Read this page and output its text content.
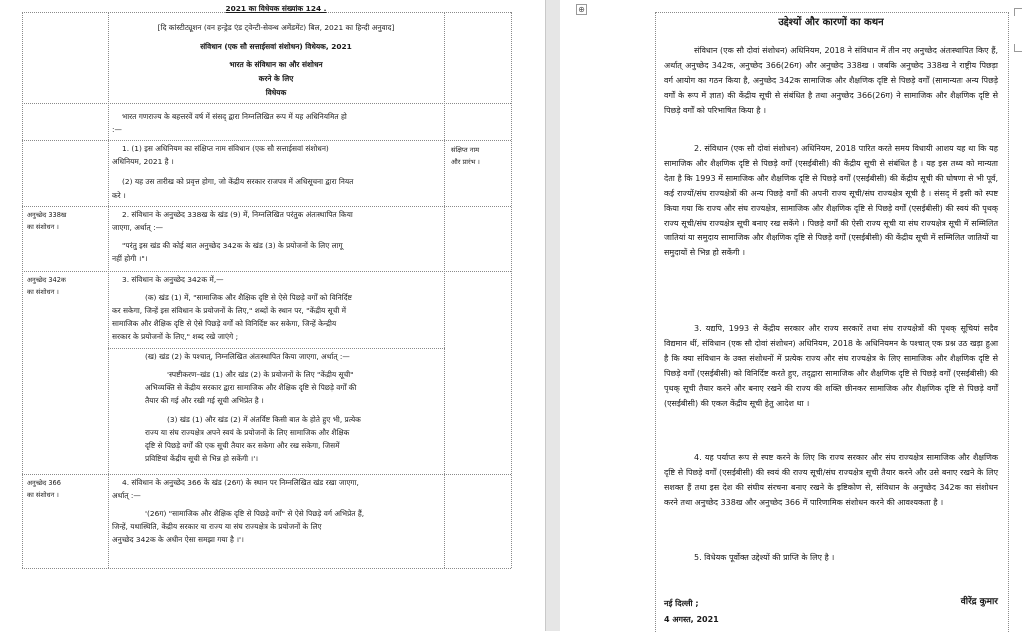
2021 का विधेयक संख्यांक 124 .
[दि कांस्टीट्यूशन (वन हन्ड्रेड एंड ट्वेन्टी-सेवन्थ अमेंडमेंट) बिल, 2021 का हिन्दी अनुवाद]
संविधान (एक सौ सत्ताईसवां संशोधन) विधेयक, 2021
भारत के संविधान का और संशोधन
करने के लिए
विधेयक
भारत गणराज्य के बहत्तरवें वर्ष में संसद् द्वारा निम्नलिखित रूप में यह अधिनियमित हो
:—
1. (1) इस अधिनियम का संक्षिप्त नाम संविधान (एक सौ सत्ताईसवां संशोधन)
अधिनियम, 2021 है ।
(2) यह उस तारीख को प्रवृत्त होगा, जो केंद्रीय सरकार राजपत्र में अधिसूचना द्वारा नियत
करे ।
संक्षिप्त नाम
और प्रारंभ ।
अनुच्छेद 338ख
का संशोधन ।
2. संविधान के अनुच्छेद 338ख के खंड (9) में, निम्नलिखित परंतुक अंतःस्थापित किया
जाएगा, अर्थात् :—
"परंतु इस खंड की कोई बात अनुच्छेद 342क के खंड (3) के प्रयोजनों के लिए लागू
नहीं होगी ।"।
अनुच्छेद 342क
का संशोधन ।
3. संविधान के अनुच्छेद 342क में,—
(क) खंड (1) में, "सामाजिक और शैक्षिक दृष्टि से ऐसे पिछड़े वर्गों को विनिर्दिष्ट
कर सकेगा, जिन्हें इस संविधान के प्रयोजनों के लिए," शब्दों के स्थान पर, "केंद्रीय सूची में
सामाजिक और शैक्षिक दृष्टि से ऐसे पिछड़े वर्गों को विनिर्दिष्ट कर सकेगा, जिन्हें केन्द्रीय
सरकार के प्रयोजनों के लिए," शब्द रखे जाएंगे ;
(ख) खंड (2) के पश्चात्, निम्नलिखित अंतःस्थापित किया जाएगा, अर्थात् :—
'स्पष्टीकरण–खंड (1) और खंड (2) के प्रयोजनों के लिए "केंद्रीय सूची"
अभिव्यक्ति से केंद्रीय सरकार द्वारा सामाजिक और शैक्षिक दृष्टि से पिछड़े वर्गों की
तैयार की गई और रखी गई सूची अभिप्रेत है ।
(3) खंड (1) और खंड (2) में अंतर्विष्ट किसी बात के होते हुए भी, प्रत्येक
राज्य या संघ राज्यक्षेत्र अपने स्वयं के प्रयोजनों के लिए सामाजिक और शैक्षिक
दृष्टि से पिछड़े वर्गों की एक सूची तैयार कर सकेगा और रख सकेगा, जिसमें
प्रविष्टियां केंद्रीय सूची से भिन्न हो सकेंगी ।'।
अनुच्छेद 366
का संशोधन ।
4. संविधान के अनुच्छेद 366 के खंड (26ग) के स्थान पर निम्नलिखित खंड रखा जाएगा,
अर्थात् :—
'(26ग) "सामाजिक और शैक्षिक दृष्टि से पिछड़े वर्गों" से ऐसे पिछड़े वर्ग अभिप्रेत हैं,
जिन्हें, यथास्थिति, केंद्रीय सरकार या राज्य या संघ राज्यक्षेत्र के प्रयोजनों के लिए
अनुच्छेद 342क के अधीन ऐसा समझा गया है ।'।
⊕
उद्देश्यों और कारणों का कथन
संविधान (एक सौ दोवां संशोधन) अधिनियम, 2018 ने संविधान में तीन नए अनुच्छेद अंतःस्थापित किए हैं, अर्थात् अनुच्छेद 342क, अनुच्छेद 366(26ग) और अनुच्छेद 338ख । जबकि अनुच्छेद 338ख ने राष्ट्रीय पिछड़ा वर्ग आयोग का गठन किया है, अनुच्छेद 342क सामाजिक और शैक्षणिक दृष्टि से पिछड़े वर्गों (सामान्यतः अन्य पिछड़े वर्गों के रूप में ज्ञात) की केंद्रीय सूची से संबंधित है तथा अनुच्छेद 366(26ग) ने सामाजिक और शैक्षणिक दृष्टि से पिछड़े वर्गों को परिभाषित किया है ।
2. संविधान (एक सौ दोवां संशोधन) अधिनियम, 2018 पारित करते समय विधायी आशय यह था कि यह सामाजिक और शैक्षणिक दृष्टि से पिछड़े वर्गों (एसईबीसी) की केंद्रीय सूची से संबंधित है । यह इस तथ्य को मान्यता देता है कि 1993 में सामाजिक और शैक्षणिक दृष्टि से पिछड़े वर्गों (एसईबीसी) की केंद्रीय सूची की घोषणा से भी पूर्व, कई राज्यों/संघ राज्यक्षेत्रों की अन्य पिछड़े वर्गों की अपनी राज्य सूची/संघ राज्यक्षेत्र सूची है । संसद् में इसी को स्पष्ट किया गया कि राज्य और संघ राज्यक्षेत्र, सामाजिक और शैक्षणिक दृष्टि से पिछड़े वर्गों (एसईबीसी) की स्वयं की पृथक् राज्य सूची/संघ राज्यक्षेत्र सूची बनाए रख सकेंगे । पिछड़े वर्गों की ऐसी राज्य सूची या संघ राज्यक्षेत्र सूची में सम्मिलित जातियां या समुदाय सामाजिक और शैक्षणिक दृष्टि से पिछड़े वर्गों (एसईबीसी) की केंद्रीय सूची में सम्मिलित जातियों या समुदायों से भिन्न हो सकेंगी ।
3. यद्यपि, 1993 से केंद्रीय सरकार और राज्य सरकारें तथा संघ राज्यक्षेत्रों की पृथक् सूचियां सदैव विद्यमान थीं, संविधान (एक सौ दोवां संशोधन) अधिनियम, 2018 के अधिनियमन के पश्चात् एक प्रश्न उठ खड़ा हुआ है कि क्या संविधान के उक्त संशोधनों में प्रत्येक राज्य और संघ राज्यक्षेत्र के लिए सामाजिक और शैक्षणिक दृष्टि से पिछड़े वर्गों (एसईबीसी) को विनिर्दिष्ट करते हुए, तद्‌द्वारा सामाजिक और शैक्षणिक दृष्टि से पिछड़े वर्गों (एसईबीसी) की पृथक् सूची तैयार करने और बनाए रखने की राज्य की शक्ति छीनकर सामाजिक और शैक्षणिक दृष्टि से पिछड़े वर्गों (एसईबीसी) की एकल केंद्रीय सूची हेतु आदेश था ।
4. यह पर्याप्त रूप से स्पष्ट करने के लिए कि राज्य सरकार और संघ राज्यक्षेत्र सामाजिक और शैक्षणिक दृष्टि से पिछड़े वर्गों (एसईबीसी) की स्वयं की राज्य सूची/संघ राज्यक्षेत्र सूची तैयार करने और उसे बनाए रखने के लिए सशक्त हैं तथा इस देश की संघीय संरचना बनाए रखने के इष्टिकोण से, संविधान के अनुच्छेद 342क का संशोधन करने तथा अनुच्छेद 338ख और अनुच्छेद 366 में पारिणामिक संशोधन करने की आवश्यकता है ।
5. विधेयक पूर्वोक्त उद्देश्यों की प्राप्ति के लिए है ।
नई दिल्ली ;	वीरेंद्र कुमार
4 अगस्त, 2021
